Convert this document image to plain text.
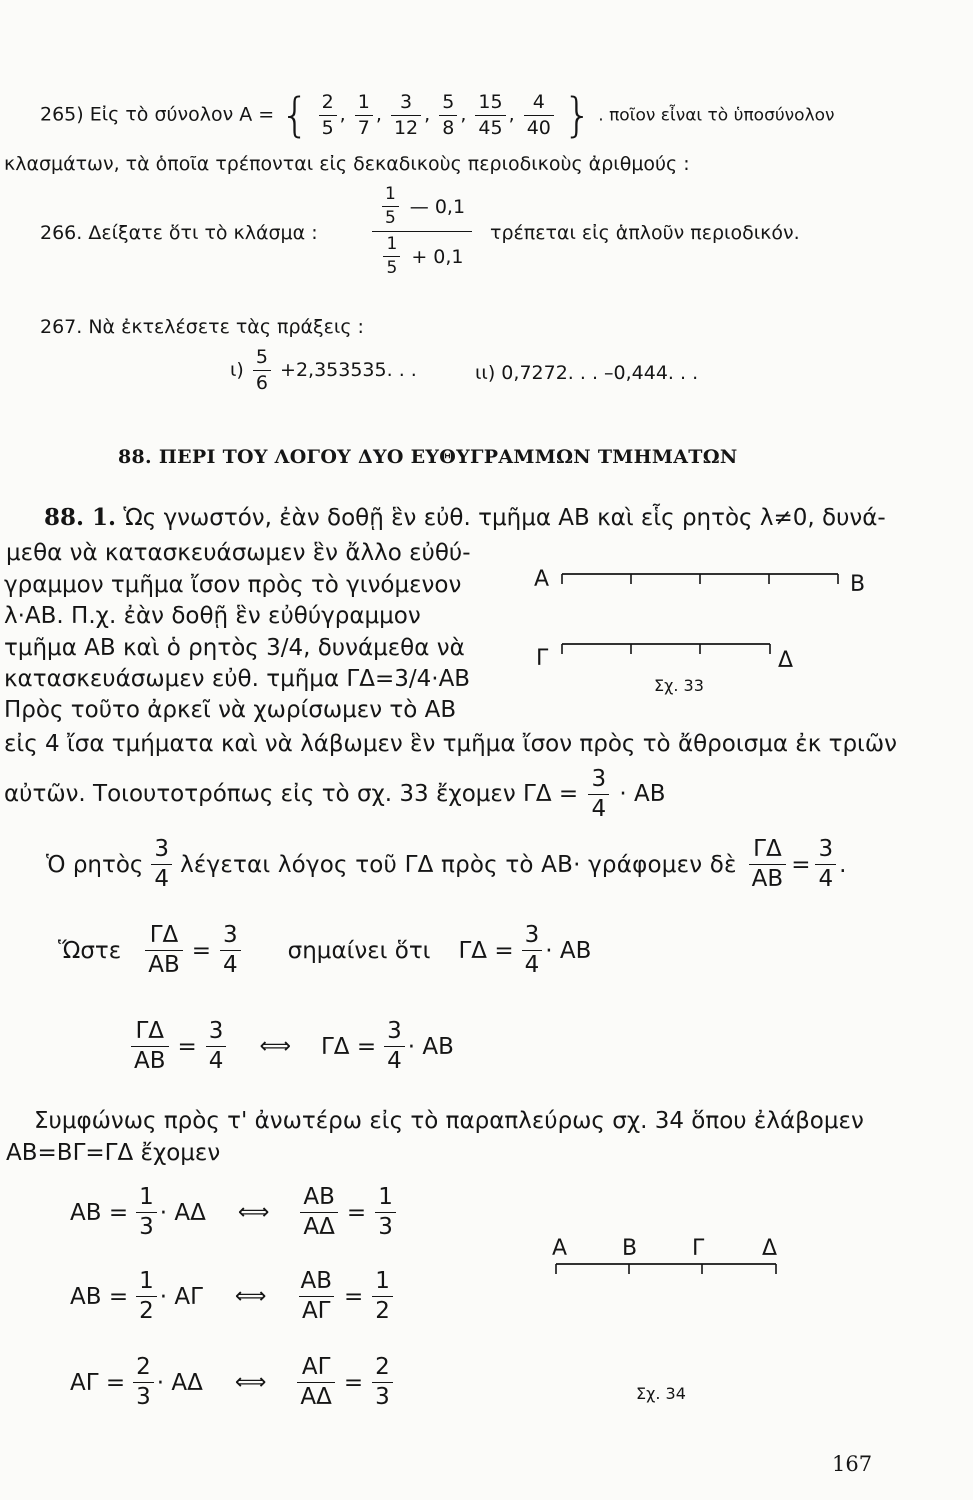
265) Εἰς τὸ σύνολον Α = { $\frac{2}{5}$ , $\frac{1}{7}$ , $\frac{3}{12}$ , $\frac{5}{8}$ , $\frac{15}{45}$ , $\frac{4}{40}$ } . ποῖον εἶναι τὸ ὑποσύνολον
κλασμάτων, τὰ ὁποῖα τρέπονται εἰς δεκαδικοὺς περιοδικοὺς ἀριθμούς :
266. Δείξατε ὅτι τὸ κλάσμα :
$\frac{1}{5}$ — 0,1
$\frac{1}{5} + 0,1$
τρέπεται εἰς ἁπλοῦν περιοδικόν.
267. Νὰ ἐκτελέσετε τὰς πράξεις :
$\iota) \frac{5}{6} +2,353535$. . .	ιι) 0,7272. . . –0,444. . .
88. ΠΕΡΙ ΤΟΥ ΛΟΓΟΥ ΔΥΟ ΕΥΘΥΓΡΑΜΜΩΝ ΤΜΗΜΑΤΩΝ
88. 1. Ὡς γνωστόν, ἐὰν δοθῇ ἓν εὐθ. τμῆμα ΑΒ καὶ εἷς ρητὸς λ≠0, δυνά-
μεθα νὰ κατασκευάσωμεν ἓν ἄλλο εὐθύ-
γραμμον τμῆμα ἴσον πρὸς τὸ γινόμενον
λ·ΑΒ. Π.χ. ἐὰν δοθῇ ἓν εὐθύγραμμον
τμῆμα ΑΒ καὶ ὁ ρητὸς 3/4, δυνάμεθα νὰ
κατασκευάσωμεν εὐθ. τμῆμα ΓΔ=3/4·ΑΒ
Πρὸς τοῦτο ἀρκεῖ νὰ χωρίσωμεν τὸ ΑΒ
εἰς 4 ἴσα τμήματα καὶ νὰ λάβωμεν ἓν τμῆμα ἴσον πρὸς τὸ ἄθροισμα ἐκ τριῶν
αὐτῶν. Τοιουτοτρόπως εἰς τὸ σχ. 33 ἔχομεν $\Gamma\Delta = \frac{3}{4} \cdot AB$
Α	Β
Γ	Δ
Σχ. 33
Ὁ ρητὸς $\frac{3}{4}$ λέγεται λόγος τοῦ ΓΔ πρὸς τὸ ΑΒ· γράφομεν δὲ $\frac{\Gamma\Delta}{AB} = \frac{3}{4}$ .
Ὥστε $\frac{\Gamma\Delta}{AB} = \frac{3}{4}$ σημαίνει ὅτι $\Gamma\Delta = \frac{3}{4} \cdot AB$
$\frac{\Gamma\Delta}{AB} = \frac{3}{4}$ ⟺ $\Gamma\Delta = \frac{3}{4} \cdot AB$
Συμφώνως πρὸς τ' ἀνωτέρω εἰς τὸ παραπλεύρως σχ. 34 ὅπου ἐλάβομεν
ΑΒ=ΒΓ=ΓΔ ἔχομεν
$AB = \frac{1}{3} \cdot A\Delta$ ⟺ $\frac{AB}{A\Delta} = \frac{1}{3}$
$AB = \frac{1}{2} \cdot A\Gamma$ ⟺ $\frac{AB}{A\Gamma} = \frac{1}{2}$
$A\Gamma = \frac{2}{3} \cdot A\Delta$ ⟺ $\frac{A\Gamma}{A\Delta} = \frac{2}{3}$
Α Β Γ	Δ
Σχ. 34
167
